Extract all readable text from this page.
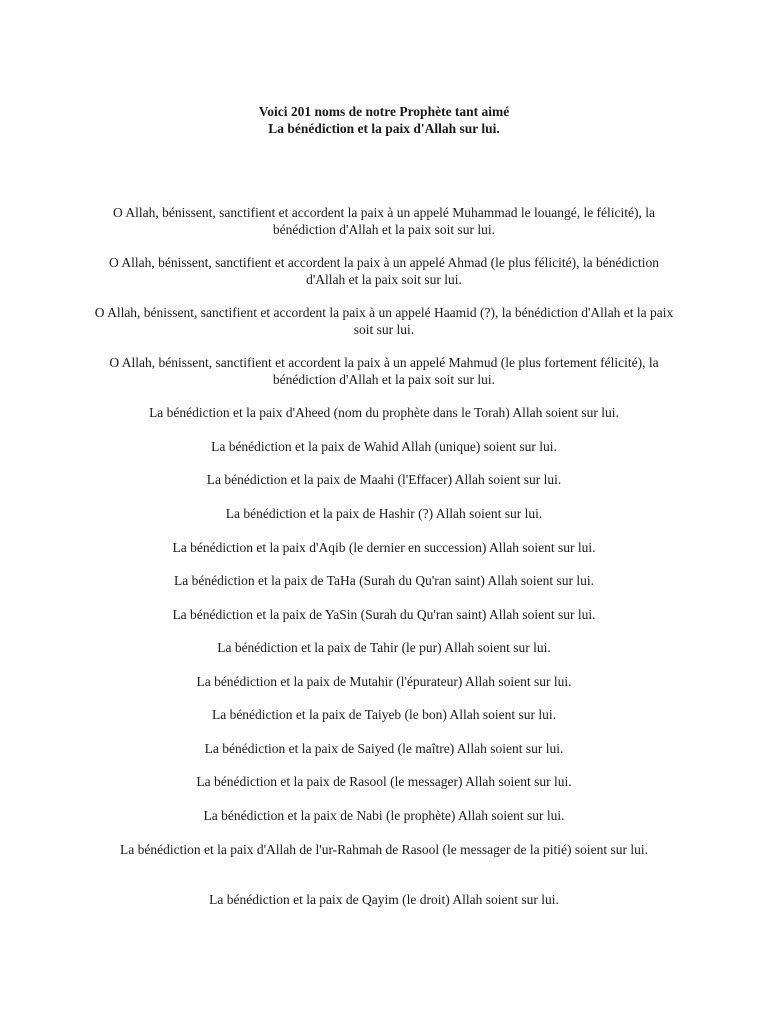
Voici 201 noms de notre Prophète tant aimé
La bénédiction et la paix d'Allah sur lui.

O Allah, bénissent, sanctifient et accordent la paix à un appelé Muhammad le louangé, le félicité), la bénédiction d'Allah et la paix soit sur lui.

O Allah, bénissent, sanctifient et accordent la paix à un appelé Ahmad (le plus félicité), la bénédiction d'Allah et la paix soit sur lui.

O Allah, bénissent, sanctifient et accordent la paix à un appelé Haamid (?), la bénédiction d'Allah et la paix soit sur lui.

O Allah, bénissent, sanctifient et accordent la paix à un appelé Mahmud (le plus fortement félicité), la bénédiction d'Allah et la paix soit sur lui.

La bénédiction et la paix d'Aheed (nom du prophète dans le Torah) Allah soient sur lui.

La bénédiction et la paix de Wahid Allah (unique) soient sur lui.

La bénédiction et la paix de Maahi (l'Effacer) Allah soient sur lui.

La bénédiction et la paix de Hashir (?) Allah soient sur lui.

La bénédiction et la paix d'Aqib (le dernier en succession) Allah soient sur lui.

La bénédiction et la paix de TaHa (Surah du Qu'ran saint) Allah soient sur lui.

La bénédiction et la paix de YaSin (Surah du Qu'ran saint) Allah soient sur lui.

La bénédiction et la paix de Tahir (le pur) Allah soient sur lui.

La bénédiction et la paix de Mutahir (l'épurateur) Allah soient sur lui.

La bénédiction et la paix de Taiyeb (le bon) Allah soient sur lui.

La bénédiction et la paix de Saiyed (le maître) Allah soient sur lui.

La bénédiction et la paix de Rasool (le messager) Allah soient sur lui.

La bénédiction et la paix de Nabi (le prophète) Allah soient sur lui.

La bénédiction et la paix d'Allah de l'ur-Rahmah de Rasool (le messager de la pitié) soient sur lui.

La bénédiction et la paix de Qayim (le droit) Allah soient sur lui.
